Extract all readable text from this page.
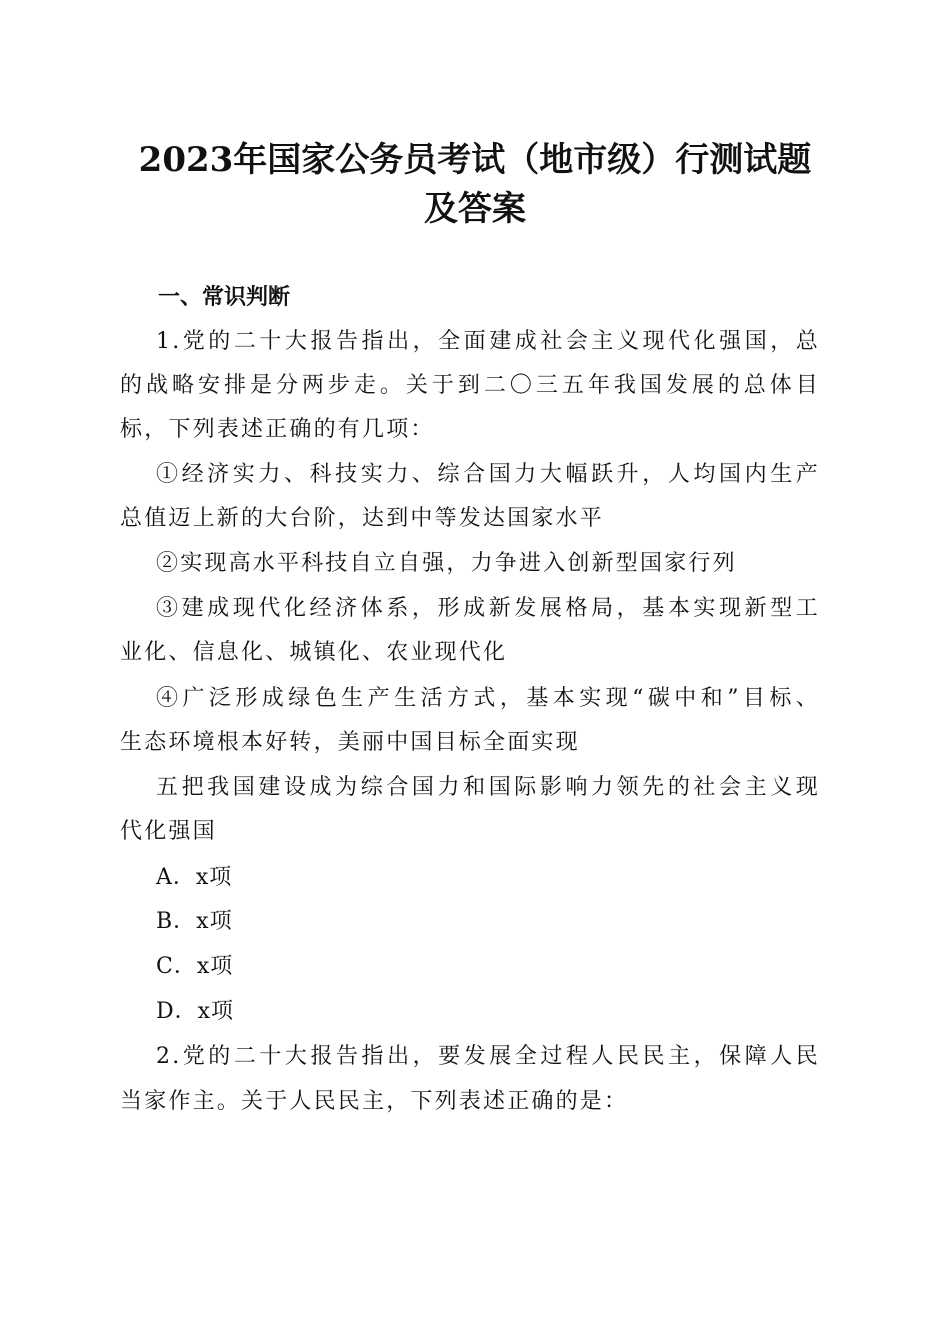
2023年国家公务员考试（地市级）行测试题
及答案
一、常识判断
1.党的二十大报告指出，全面建成社会主义现代化强国，总
的战略安排是分两步走。关于到二〇三五年我国发展的总体目
标，下列表述正确的有几项：
①经济实力、科技实力、综合国力大幅跃升，人均国内生产
总值迈上新的大台阶，达到中等发达国家水平
②实现高水平科技自立自强，力争进入创新型国家行列
③建成现代化经济体系，形成新发展格局，基本实现新型工
业化、信息化、城镇化、农业现代化
④广泛形成绿色生产生活方式，基本实现“碳中和”目标、
生态环境根本好转，美丽中国目标全面实现
五把我国建设成为综合国力和国际影响力领先的社会主义现
代化强国
A．x项
B．x项
C．x项
D．x项
2.党的二十大报告指出，要发展全过程人民民主，保障人民
当家作主。关于人民民主，下列表述正确的是：
